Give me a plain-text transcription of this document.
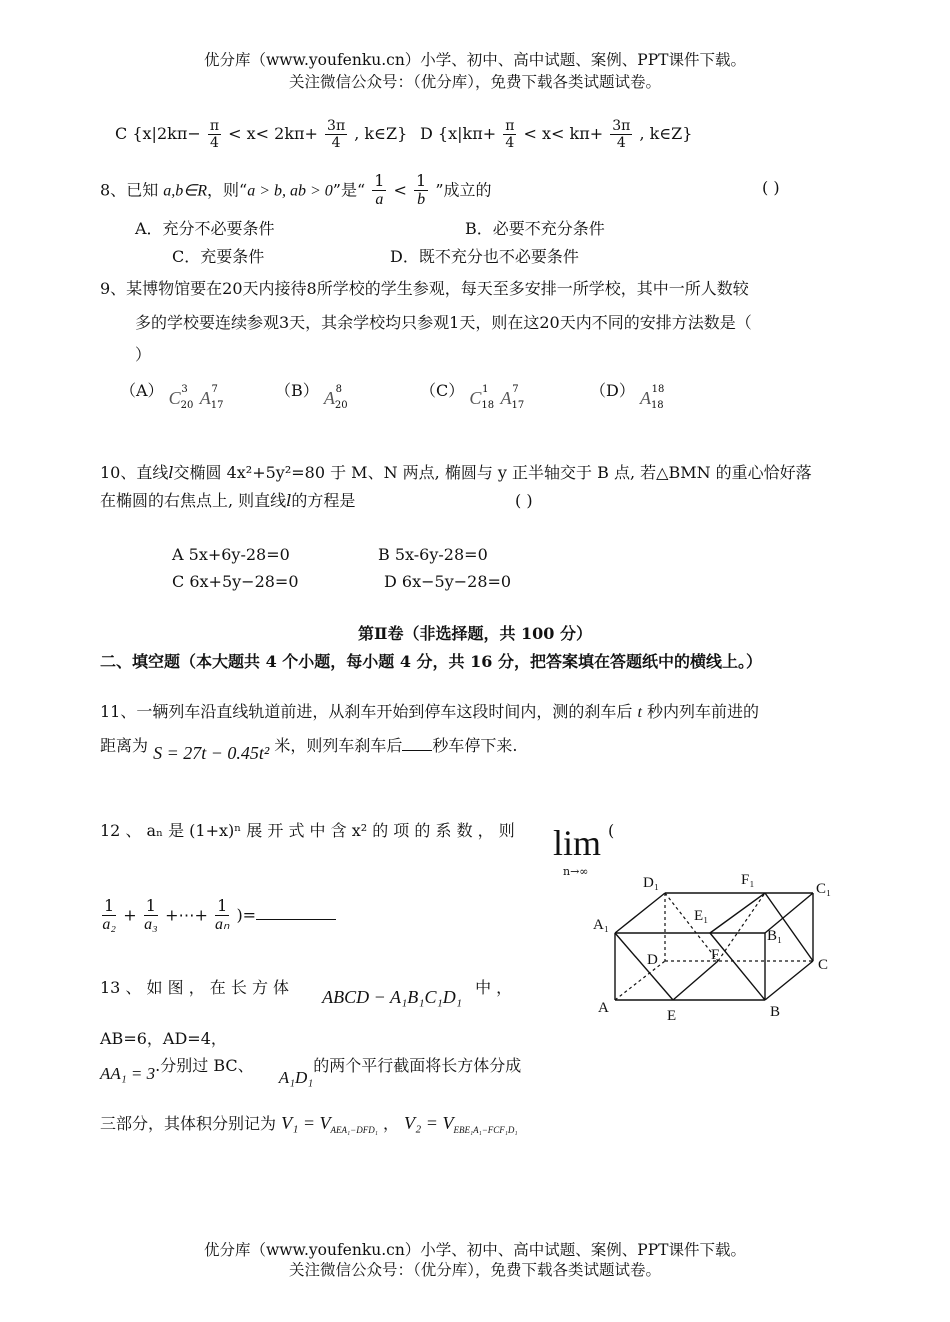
优分库（www.youfenku.cn）小学、初中、高中试题、案例、PPT课件下载。
关注微信公众号：（优分库），免费下载各类试题试卷。
C {$x|2k\pi- \frac{\pi}{4} < x< 2k\pi+ \frac{3\pi}{4}$ , k∈Z} D {$x|k\pi+ \frac{\pi}{4} < x< k\pi+ \frac{3\pi}{4}$ , k∈Z}
8、已知 a,b∈R，则“a > b, ab > 0”是“ $\frac{1}{a} < \frac{1}{b}$ ”成立的	( )
A．充分不必要条件	B．必要不充分条件
C．充要条件	D．既不充分也不必要条件
9、某博物馆要在20天内接待8所学校的学生参观，每天至多安排一所学校，其中一所人数较
多的学校要连续参观3天，其余学校均只参观1天，则在这20天内不同的安排方法数是（
）
（A） $C_{20}^3$ $A_{17}^7$	（B） $A_{20}^8$	（C） $C_{18}^1$ $A_{17}^7$	（D） $A_{18}^{18}$
10、直线l交椭圆 4x²+5y²=80 于 M、N 两点, 椭圆与 y 正半轴交于 B 点, 若△BMN 的重心恰好落
在椭圆的右焦点上, 则直线l的方程是	( )
A 5x+6y-28=0	B 5x-6y-28=0
C 6x+5y−28=0	D 6x−5y−28=0
第Ⅱ卷（非选择题，共 100 分）
二、填空题（本大题共 4 个小题，每小题 4 分，共 16 分，把答案填在答题纸中的横线上。）
11、一辆列车沿直线轨道前进，从刹车开始到停车这段时间内，测的刹车后 t 秒内列车前进的
距离为 S = 27t − 0.45t² 米，则列车刹车后 秒车停下来.
12 、 aₙ 是 (1+x)ⁿ 展 开 式 中 含 x² 的 项 的 系 数 ， 则 lim
n→∞
(
$\frac{1}{\text{a₂}} + \frac{1}{\text{a₃}}$ +⋯+ $\frac{1}{\text{aₙ}}$ )=
13 、 如 图 ， 在 长 方 体 ABCD − A₁B₁C₁D₁ 中 ，
AB=6，AD=4，
AA₁ = 3.分别过 BC、 A₁D₁的两个平行截面将长方体分成
三部分，其体积分别记为 $V_1 = V_{AEA_1-DFD_1}$ ， $V_2 = V_{EBE_1A_1-FCF_1D_1}$
D₁	F₁
C₁
A₁
E₁
B₁
D	F
C
A	E	B
优分库（www.youfenku.cn）小学、初中、高中试题、案例、PPT课件下载。
关注微信公众号：（优分库），免费下载各类试题试卷。
